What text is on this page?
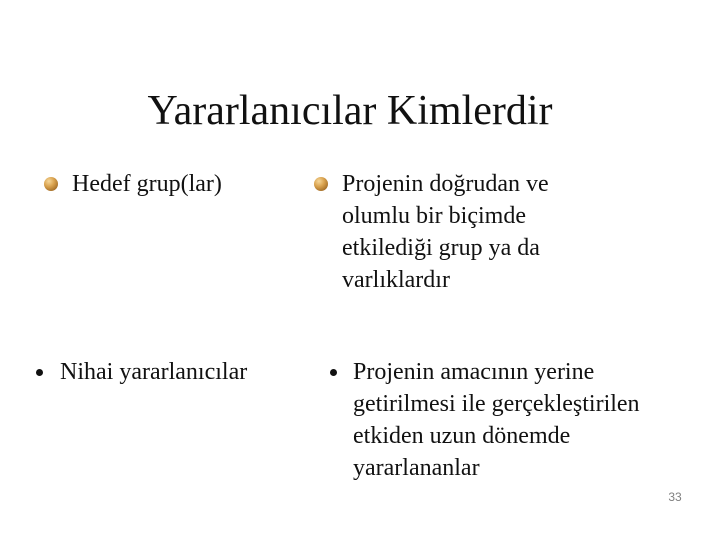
Yararlanıcılar Kimlerdir
Hedef grup(lar)	Projenin doğrudan ve
olumlu bir biçimde
etkilediği grup ya da
varlıklardır
Nihai yararlanıcılar	Projenin amacının yerine
getirilmesi ile gerçekleştirilen
etkiden uzun dönemde
yararlananlar
33
